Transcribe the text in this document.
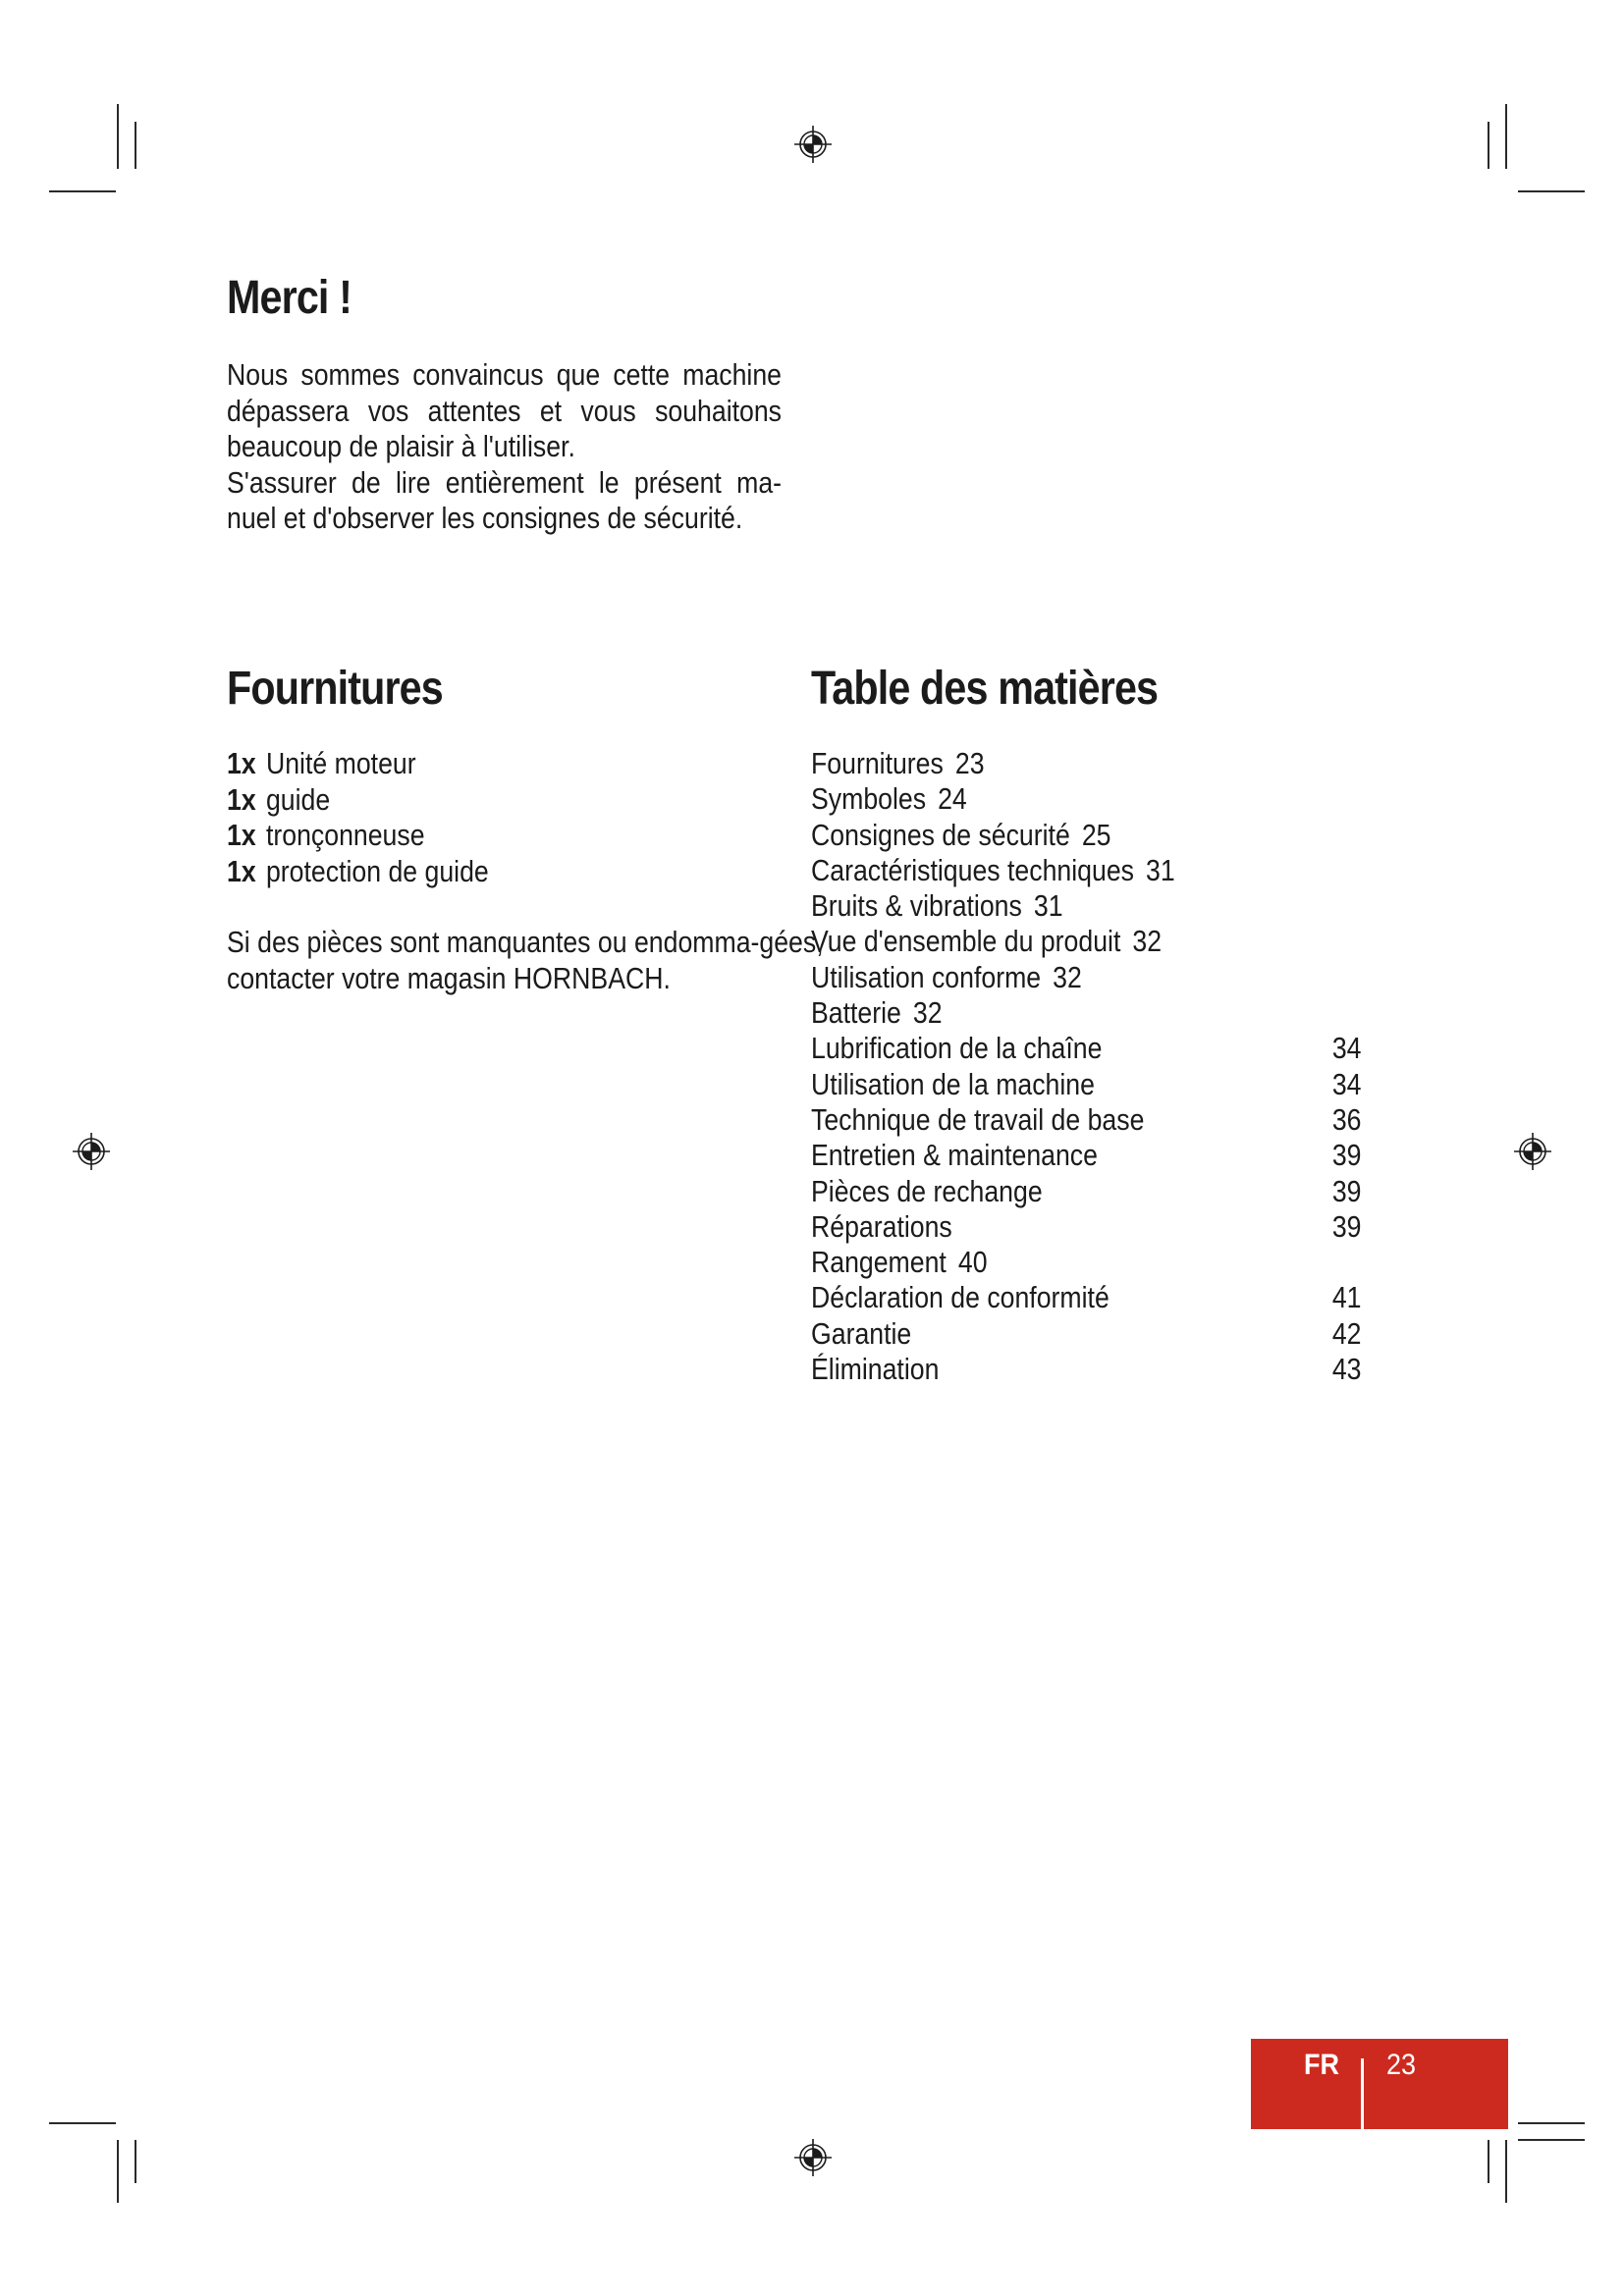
Merci !

Nous sommes convaincus que cette machine dépassera vos attentes et vous souhaitons beaucoup de plaisir à l'utiliser.

S'assurer de lire entièrement le présent ma-nuel et d'observer les consignes de sécurité.

Fournitures
1x Unité moteur
1x guide
1x tronçonneuse
1x protection de guide

Si des pièces sont manquantes ou endomma-gées, contacter votre magasin HORNBACH.

Table des matières
Fournitures 23
Symboles 24
Consignes de sécurité 25
Caractéristiques techniques 31
Bruits & vibrations 31
Vue d'ensemble du produit 32
Utilisation conforme 32
Batterie 32
Lubrification de la chaîne	34
Utilisation de la machine	34
Technique de travail de base	36
Entretien & maintenance	39
Pièces de rechange	39
Réparations	39
Rangement 40
Déclaration de conformité	41
Garantie	42
Élimination	43
FR 23
